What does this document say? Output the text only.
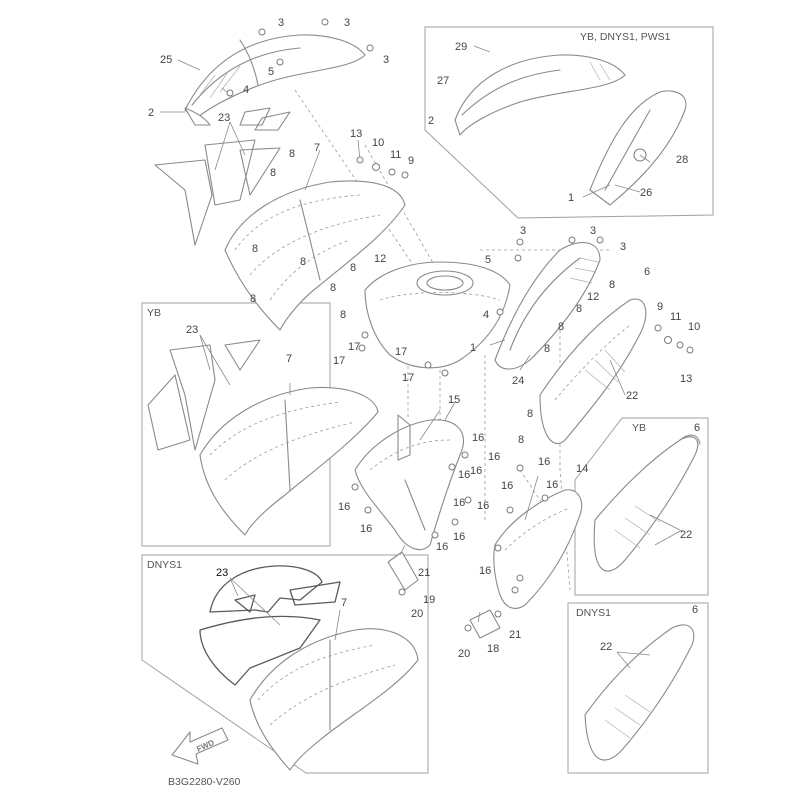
FWD
YB, DNYS1, PWS1
YB
DNYS1
YB
DNYS1
B3G2280-V260
3	3
3
25
4
5
2	23
8 7
13
10
11 9
8
12
8
8	8
8
8
8
29
27
2
28
1	26
3	3
3
5
4
1
24
17
17
17
17
6
8
8
12
8
8
9
11
10
13
22
8
8
23
7
15
16
16
16
16
16
16
16
16
16
16
16
14
16
16
16
21
19
20
21
18
20
6
22
23
7
6
22
